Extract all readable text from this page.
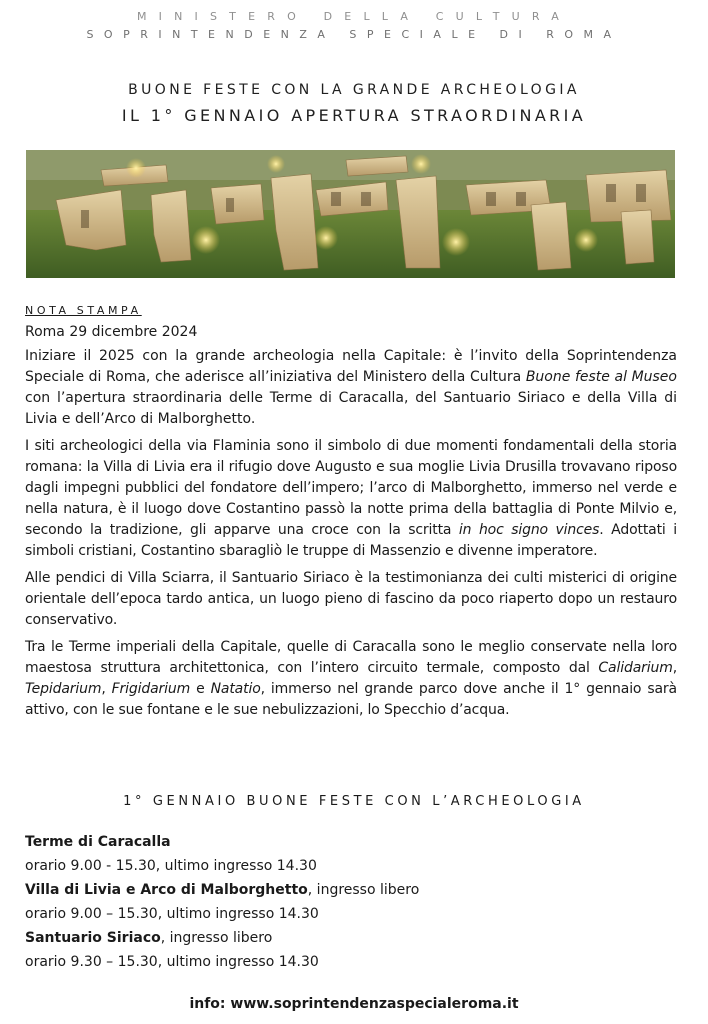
MINISTERO DELLA CULTURA
SOPRINTENDENZA SPECIALE DI ROMA
BUONE FESTE CON LA GRANDE ARCHEOLOGIA
IL 1° GENNAIO APERTURA STRAORDINARIA

NOTA STAMPA

Roma 29 dicembre 2024

Iniziare il 2025 con la grande archeologia nella Capitale: è l’invito della Soprintendenza Speciale di Roma, che aderisce all’iniziativa del Ministero della Cultura Buone feste al Museo con l’apertura straordinaria delle Terme di Caracalla, del Santuario Siriaco e della Villa di Livia e dell’Arco di Malborghetto.

I siti archeologici della via Flaminia sono il simbolo di due momenti fondamentali della storia romana: la Villa di Livia era il rifugio dove Augusto e sua moglie Livia Drusilla trovavano riposo dagli impegni pubblici del fondatore dell’impero; l’arco di Malborghetto, immerso nel verde e nella natura, è il luogo dove Costantino passò la notte prima della battaglia di Ponte Milvio e, secondo la tradizione, gli apparve una croce con la scritta in hoc signo vinces. Adottati i simboli cristiani, Costantino sbaragliò le truppe di Massenzio e divenne imperatore.

Alle pendici di Villa Sciarra, il Santuario Siriaco è la testimonianza dei culti misterici di origine orientale dell’epoca tardo antica, un luogo pieno di fascino da poco riaperto dopo un restauro conservativo.

Tra le Terme imperiali della Capitale, quelle di Caracalla sono le meglio conservate nella loro maestosa struttura architettonica, con l’intero circuito termale, composto dal Calidarium, Tepidarium, Frigidarium e Natatio, immerso nel grande parco dove anche il 1° gennaio sarà attivo, con le sue fontane e le sue nebulizzazioni, lo Specchio d’acqua.

1° GENNAIO BUONE FESTE CON L’ARCHEOLOGIA
Terme di Caracalla
orario 9.00 - 15.30, ultimo ingresso 14.30
Villa di Livia e Arco di Malborghetto, ingresso libero
orario 9.00 – 15.30, ultimo ingresso 14.30
Santuario Siriaco, ingresso libero
orario 9.30 – 15.30, ultimo ingresso 14.30
info: www.soprintendenzaspecialeroma.it
